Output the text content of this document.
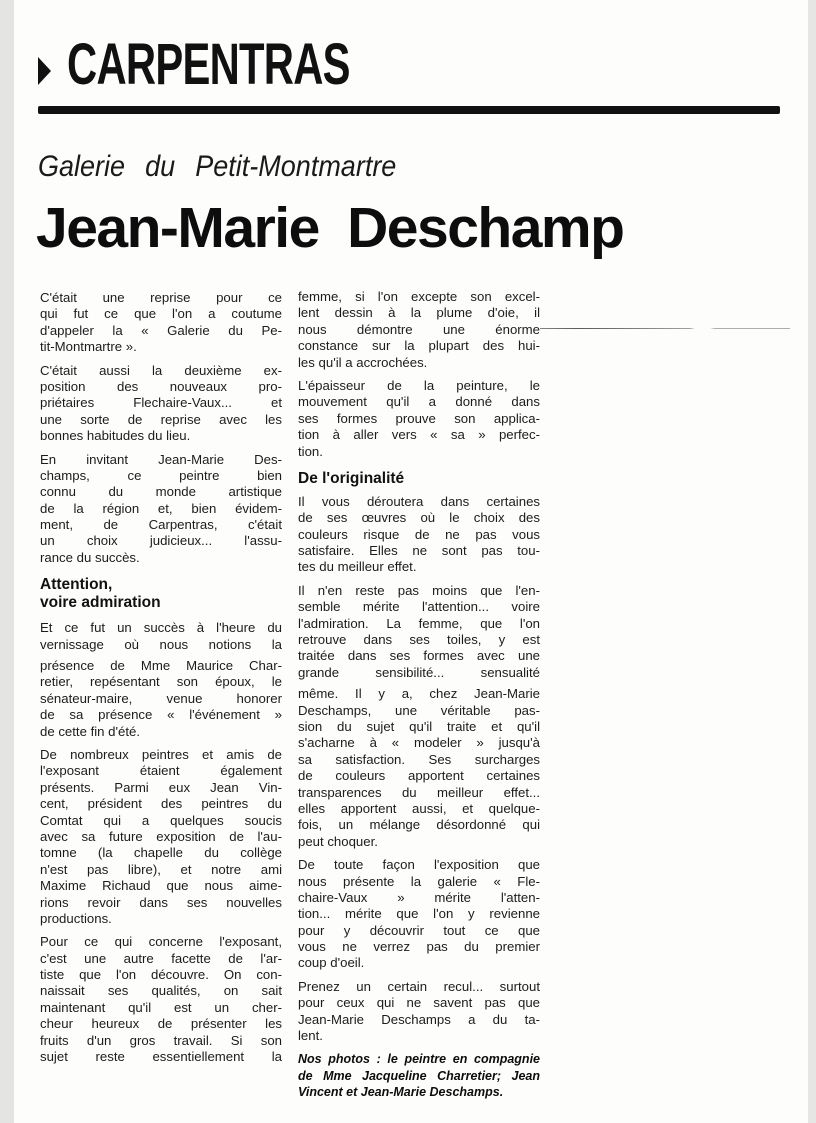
CARPENTRAS
Galerie du Petit-Montmartre
Jean-Marie Deschamp
C'était une reprise pour ce
qui fut ce que l'on a coutume
d'appeler la « Galerie du Pe-
tit-Montmartre ».
C'était aussi la deuxième ex-
position des nouveaux pro-
priétaires Flechaire-Vaux... et
une sorte de reprise avec les
bonnes habitudes du lieu.
En invitant Jean-Marie Des-
champs, ce peintre bien
connu du monde artistique
de la région et, bien évidem-
ment, de Carpentras, c'était
un choix judicieux... l'assu-
rance du succès.
Attention,
voire admiration
Et ce fut un succès à l'heure du
vernissage où nous notions la
présence de Mme Maurice Char-
retier, repésentant son époux, le
sénateur-maire, venue honorer
de sa présence « l'événement »
de cette fin d'été.
De nombreux peintres et amis de
l'exposant étaient également
présents. Parmi eux Jean Vin-
cent, président des peintres du
Comtat qui a quelques soucis
avec sa future exposition de l'au-
tomne (la chapelle du collège
n'est pas libre), et notre ami
Maxime Richaud que nous aime-
rions revoir dans ses nouvelles
productions.
Pour ce qui concerne l'exposant,
c'est une autre facette de l'ar-
tiste que l'on découvre. On con-
naissait ses qualités, on sait
maintenant qu'il est un cher-
cheur heureux de présenter les
fruits d'un gros travail. Si son
sujet reste essentiellement la
femme, si l'on excepte son excel-
lent dessin à la plume d'oie, il
nous démontre une énorme
constance sur la plupart des hui-
les qu'il a accrochées.
L'épaisseur de la peinture, le
mouvement qu'il a donné dans
ses formes prouve son applica-
tion à aller vers « sa » perfec-
tion.
De l'originalité
Il vous déroutera dans certaines
de ses œuvres où le choix des
couleurs risque de ne pas vous
satisfaire. Elles ne sont pas tou-
tes du meilleur effet.
Il n'en reste pas moins que l'en-
semble mérite l'attention... voire
l'admiration. La femme, que l'on
retrouve dans ses toiles, y est
traitée dans ses formes avec une
grande sensibilité... sensualité
même. Il y a, chez Jean-Marie
Deschamps, une véritable pas-
sion du sujet qu'il traite et qu'il
s'acharne à « modeler » jusqu'à
sa satisfaction. Ses surcharges
de couleurs apportent certaines
transparences du meilleur effet...
elles apportent aussi, et quelque-
fois, un mélange désordonné qui
peut choquer.
De toute façon l'exposition que
nous présente la galerie « Fle-
chaire-Vaux » mérite l'atten-
tion... mérite que l'on y revienne
pour y découvrir tout ce que
vous ne verrez pas du premier
coup d'oeil.
Prenez un certain recul... surtout
pour ceux qui ne savent pas que
Jean-Marie Deschamps a du ta-
lent.
Nos photos : le peintre en compagnie
de Mme Jacqueline Charretier; Jean
Vincent et Jean-Marie Deschamps.
